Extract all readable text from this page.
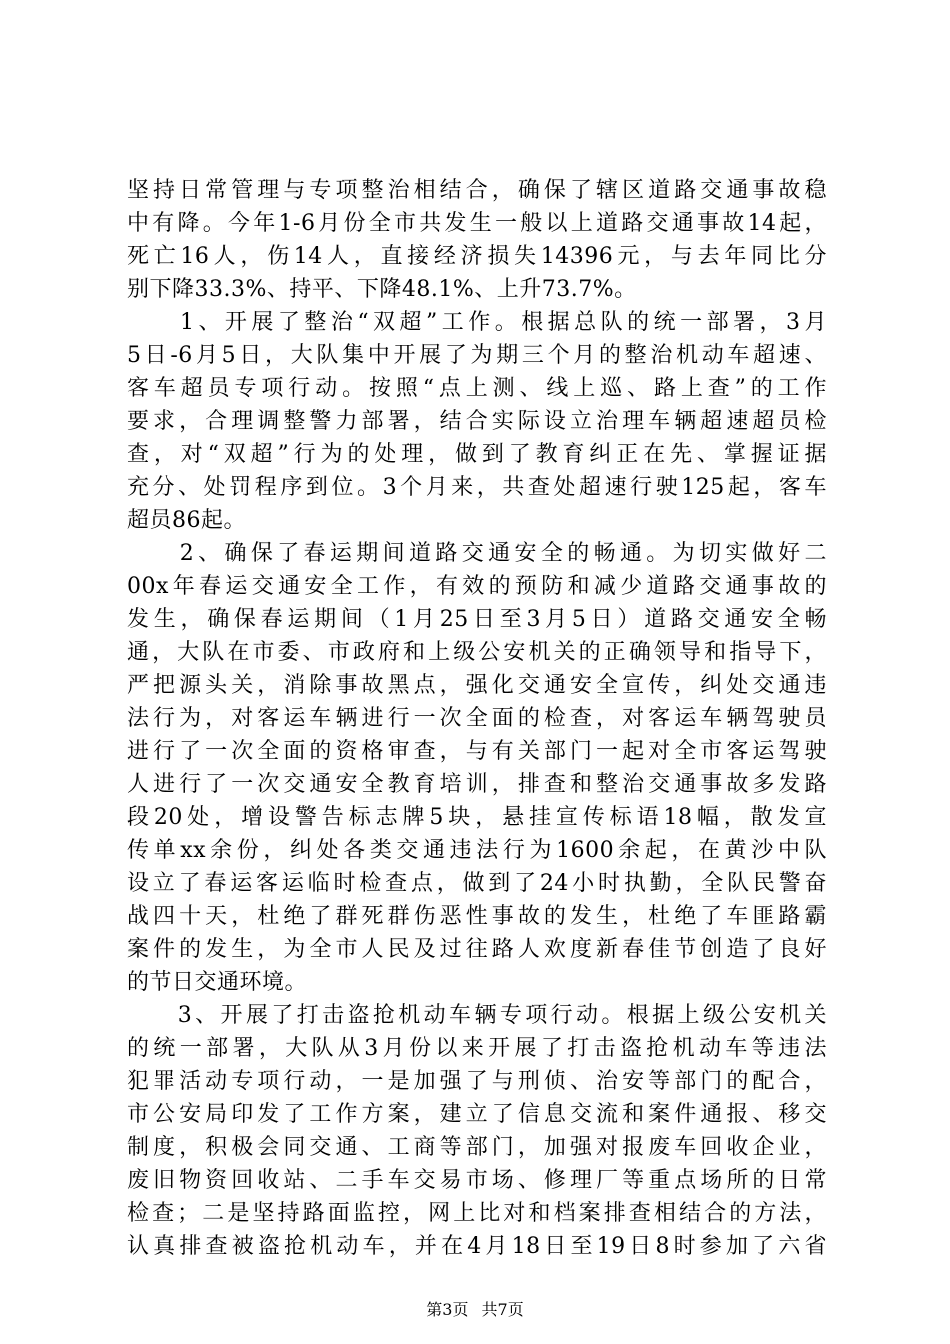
坚持日常管理与专项整治相结合，确保了辖区道路交通事故稳
中有降。今年1-6月份全市共发生一般以上道路交通事故14起，
死亡16人，伤14人，直接经济损失14396元，与去年同比分
别下降33.3%、持平、下降48.1%、上升73.7%。
　　1、开展了整治“双超”工作。根据总队的统一部署，3月
5日-6月5日，大队集中开展了为期三个月的整治机动车超速、
客车超员专项行动。按照“点上测、线上巡、路上查”的工作
要求，合理调整警力部署，结合实际设立治理车辆超速超员检
查，对“双超”行为的处理，做到了教育纠正在先、掌握证据
充分、处罚程序到位。3个月来，共查处超速行驶125起，客车
超员86起。
　　2、确保了春运期间道路交通安全的畅通。为切实做好二
00x年春运交通安全工作，有效的预防和减少道路交通事故的
发生，确保春运期间（1月25日至3月5日）道路交通安全畅
通，大队在市委、市政府和上级公安机关的正确领导和指导下，
严把源头关，消除事故黑点，强化交通安全宣传，纠处交通违
法行为，对客运车辆进行一次全面的检查，对客运车辆驾驶员
进行了一次全面的资格审查，与有关部门一起对全市客运驾驶
人进行了一次交通安全教育培训，排查和整治交通事故多发路
段20处，增设警告标志牌5块，悬挂宣传标语18幅，散发宣
传单xx余份，纠处各类交通违法行为1600余起，在黄沙中队
设立了春运客运临时检查点，做到了24小时执勤，全队民警奋
战四十天，杜绝了群死群伤恶性事故的发生，杜绝了车匪路霸
案件的发生，为全市人民及过往路人欢度新春佳节创造了良好
的节日交通环境。
　　3、开展了打击盗抢机动车辆专项行动。根据上级公安机关
的统一部署，大队从3月份以来开展了打击盗抢机动车等违法
犯罪活动专项行动，一是加强了与刑侦、治安等部门的配合，
市公安局印发了工作方案，建立了信息交流和案件通报、移交
制度，积极会同交通、工商等部门，加强对报废车回收企业，
废旧物资回收站、二手车交易市场、修理厂等重点场所的日常
检查；二是坚持路面监控，网上比对和档案排查相结合的方法，
认真排查被盗抢机动车，并在4月18日至19日8时参加了六省
第3页 共7页
